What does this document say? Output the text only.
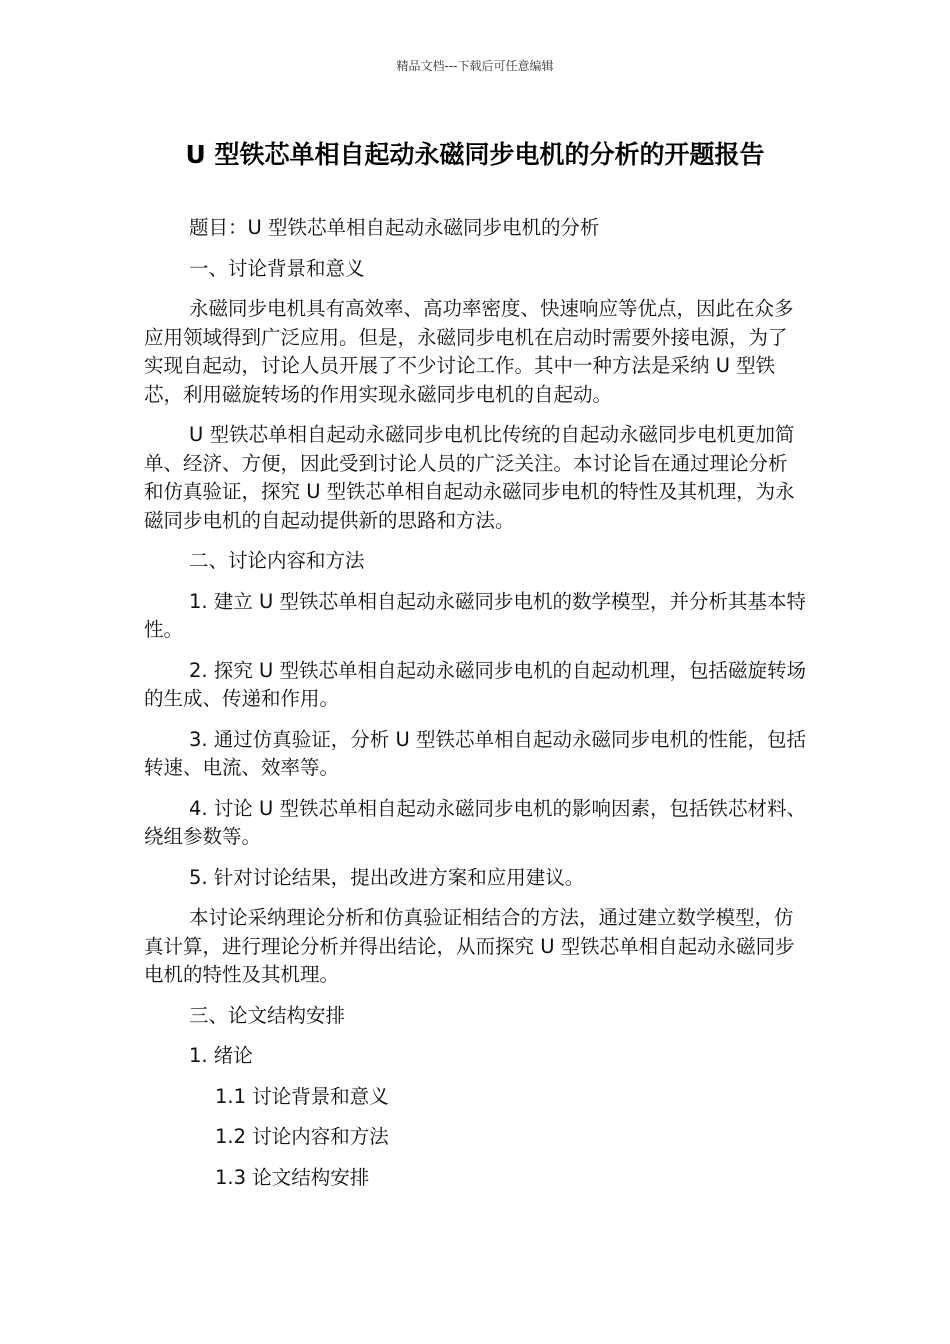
精品文档---下载后可任意编辑
U 型铁芯单相自起动永磁同步电机的分析的开题报告

题目：U 型铁芯单相自起动永磁同步电机的分析

一、讨论背景和意义

永磁同步电机具有高效率、高功率密度、快速响应等优点，因此在众多应用领域得到广泛应用。但是，永磁同步电机在启动时需要外接电源，为了实现自起动，讨论人员开展了不少讨论工作。其中一种方法是采纳 U 型铁芯，利用磁旋转场的作用实现永磁同步电机的自起动。

U 型铁芯单相自起动永磁同步电机比传统的自起动永磁同步电机更加简单、经济、方便，因此受到讨论人员的广泛关注。本讨论旨在通过理论分析和仿真验证，探究 U 型铁芯单相自起动永磁同步电机的特性及其机理，为永磁同步电机的自起动提供新的思路和方法。

二、讨论内容和方法

1. 建立 U 型铁芯单相自起动永磁同步电机的数学模型，并分析其基本特性。

2. 探究 U 型铁芯单相自起动永磁同步电机的自起动机理，包括磁旋转场的生成、传递和作用。

3. 通过仿真验证，分析 U 型铁芯单相自起动永磁同步电机的性能，包括转速、电流、效率等。

4. 讨论 U 型铁芯单相自起动永磁同步电机的影响因素，包括铁芯材料、绕组参数等。

5. 针对讨论结果，提出改进方案和应用建议。

本讨论采纳理论分析和仿真验证相结合的方法，通过建立数学模型，仿真计算，进行理论分析并得出结论，从而探究 U 型铁芯单相自起动永磁同步电机的特性及其机理。

三、论文结构安排

1. 绪论

1.1 讨论背景和意义

1.2 讨论内容和方法

1.3 论文结构安排
